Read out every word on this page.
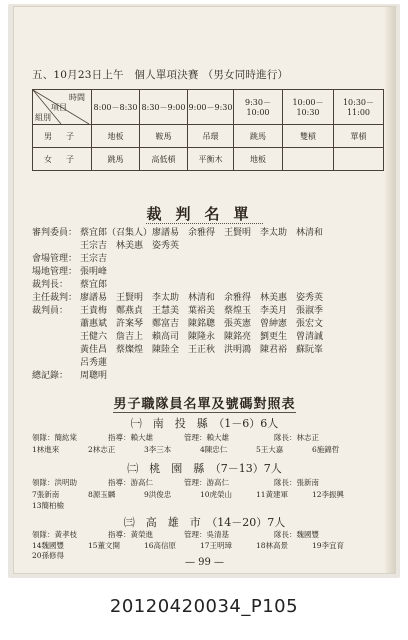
五、10月23日上午　個人單項決賽 （男女同時進行）
時間
項目
組別	8:00－8:30	8:30－9:00	9:00－9:30	9:30－10:00	10:00－10:30	10:30－11:00
男子	地板	鞍馬	吊環	跳馬	雙槓	單槓
女子	跳馬	高低槓	平衡木	地板		
裁判名單
審判委員： 蔡宜郎（召集人）廖譜易　余雅得　王賢明　李太助　林清和
王宗吉　林美惠　姿秀英
會場管理： 王宗吉
場地管理： 張明峰
裁判長： 蔡宜郎
主任裁判： 廖譜易　王賢明　李太助　林清和　余雅得　林美惠　姿秀英
裁判員： 王貴梅　鄭燕貞　王慧美　葉裕美　蔡煌玉　李美月　張淑季
蕭惠斌　許案琴　鄭富吉　陳銘聰　張英憲　曾紳憲　張宏文
王健六　詹吉上　賴高司　陳隆永　陳銘亮　劉更生　曾清誠
黃佳昌　蔡燦煌　陳陸全　王正秋　洪明鴻　陳君裕　蘇阮峯
呂秀蓮
總記錄： 周聰明
男子職隊員名單及號碼對照表
㈠　南　投　縣　（1－6）6人
領隊：簡紘棠	指導：賴大雄	管理：賴大雄	隊長：林志正
1林進來	2林志正	3李三本	4陳忠仁	5王大嘉	6施錦哲
㈡　桃　園　縣　（7－13）7人
領隊：洪明助	指導：游高仁	管理：游高仁	隊長：張新南
7張新南	8源玉麟	9洪俊忠	10虎榮山	11黃建軍	12李振興
13簡柏檢
㈢　高　雄　市　（14－20）7人
領隊：黃孝枝	指導：黃榮進	管理：吳清基	隊長：魏國豐
14魏國豐	15董文開	16高信原	17王明璋	18林高景	19李宜育
20孫修得
— 99 —
20120420034_P105
